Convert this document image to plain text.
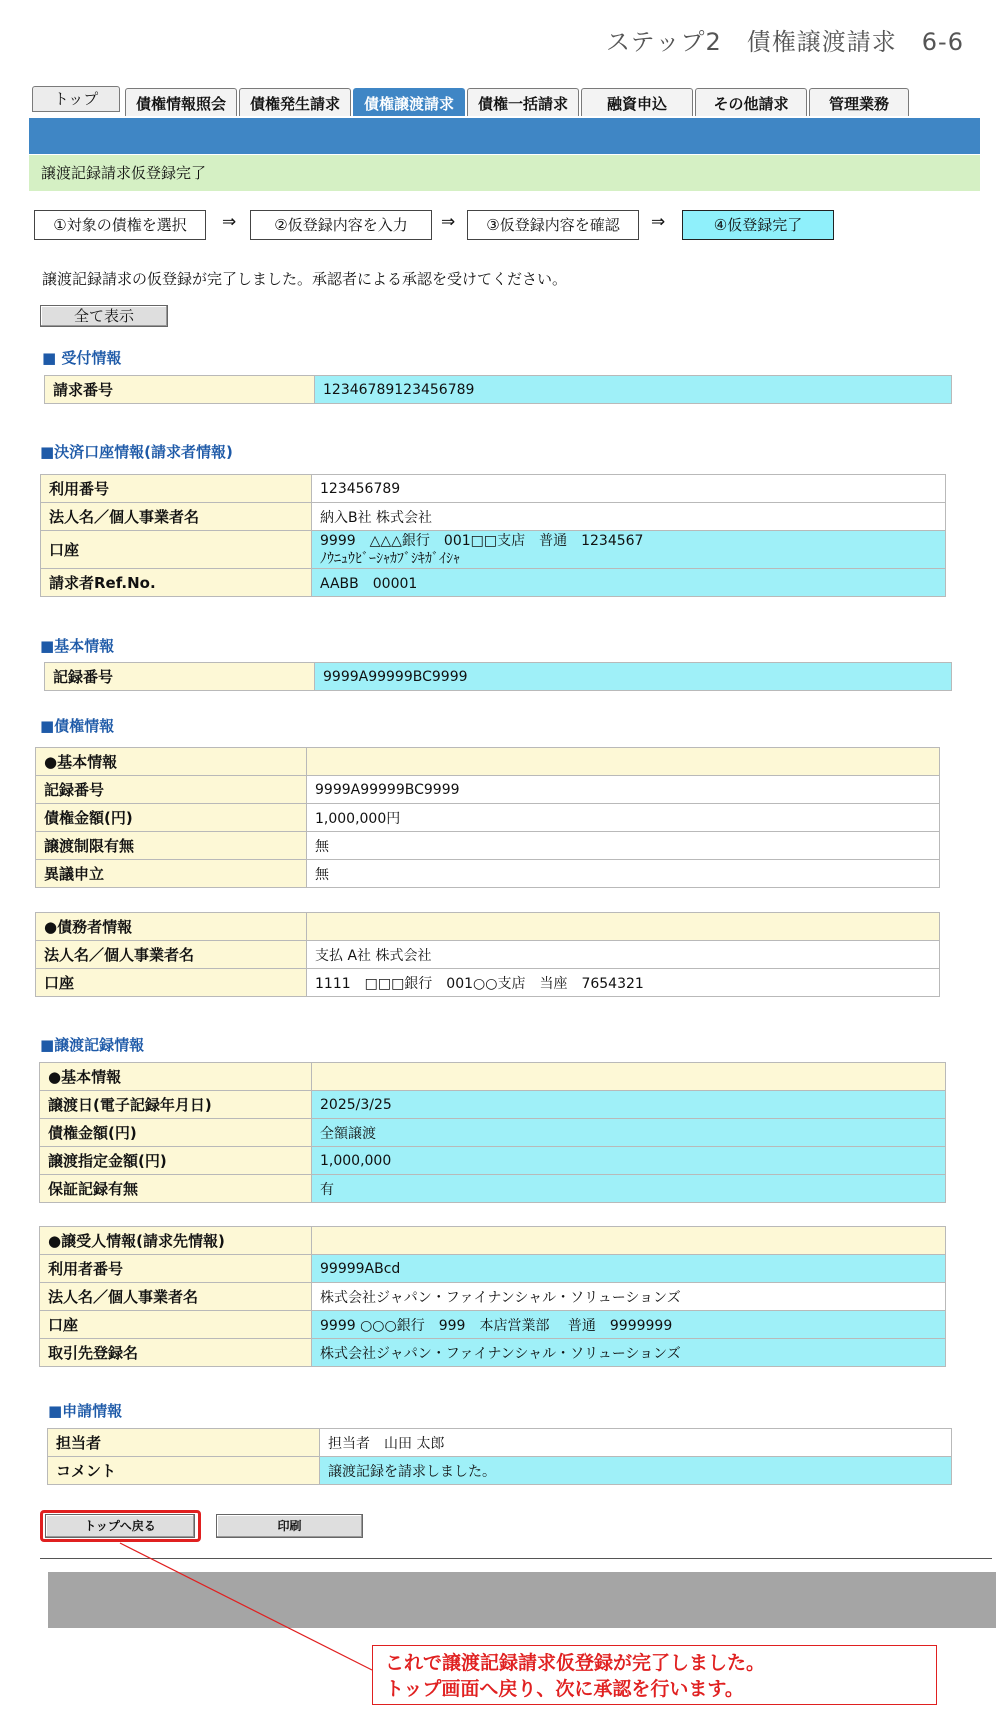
ステップ2　債権譲渡請求　6-6
トップ	債権情報照会	債権発生請求	債権譲渡請求	債権一括請求	融資申込	その他請求	管理業務
譲渡記録請求仮登録完了
①対象の債権を選択	⇒	②仮登録内容を入力	⇒	③仮登録内容を確認	⇒	④仮登録完了
譲渡記録請求の仮登録が完了しました。承認者による承認を受けてください。
全て表示
■ 受付情報
請求番号	12346789123456789
■決済口座情報(請求者情報)
利用番号	123456789
法人名／個人事業者名	納入B社 株式会社
口座	9999　△△△銀行　001□□支店　普通　1234567
ﾉｳﾆｭｳﾋﾞｰｼｬｶﾌﾞｼｷｶﾞｲｼｬ

請求者Ref.No.	AABB　00001
■基本情報
記録番号	9999A99999BC9999
■債権情報
●基本情報	
記録番号	9999A99999BC9999
債権金額(円)	1,000,000円
譲渡制限有無	無
異議申立	無
●債務者情報	
法人名／個人事業者名	支払 A社 株式会社
口座	1111　□□□銀行　001○○支店　当座　7654321
■譲渡記録情報
●基本情報	
譲渡日(電子記録年月日)	2025/3/25
債権金額(円)	全額譲渡
譲渡指定金額(円)	1,000,000
保証記録有無	有
●譲受人情報(請求先情報)	
利用者番号	99999ABcd
法人名／個人事業者名	株式会社ジャパン・ファイナンシャル・ソリューションズ
口座	9999 ○○○銀行　999　本店営業部　 普通　9999999
取引先登録名	株式会社ジャパン・ファイナンシャル・ソリューションズ
■申請情報
担当者	担当者　山田 太郎
コメント	譲渡記録を請求しました。
トップへ戻る	印刷
これで譲渡記録請求仮登録が完了しました。
トップ画面へ戻り、次に承認を行います。
